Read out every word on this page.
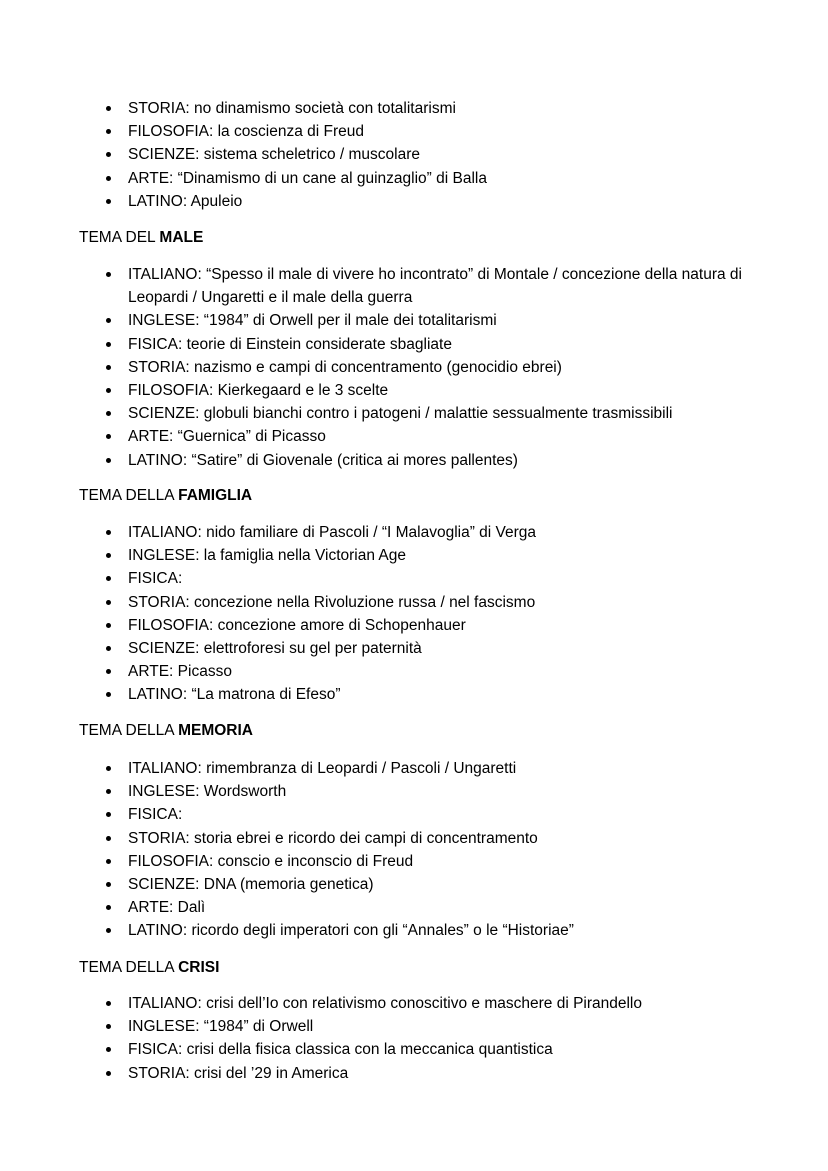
STORIA: no dinamismo società con totalitarismi
FILOSOFIA: la coscienza di Freud
SCIENZE: sistema scheletrico / muscolare
ARTE: “Dinamismo di un cane al guinzaglio” di Balla
LATINO: Apuleio
TEMA DEL MALE
ITALIANO: “Spesso il male di vivere ho incontrato” di Montale / concezione della natura di Leopardi / Ungaretti e il male della guerra
INGLESE: “1984” di Orwell per il male dei totalitarismi
FISICA: teorie di Einstein considerate sbagliate
STORIA: nazismo e campi di concentramento (genocidio ebrei)
FILOSOFIA: Kierkegaard e le 3 scelte
SCIENZE: globuli bianchi contro i patogeni / malattie sessualmente trasmissibili
ARTE: “Guernica” di Picasso
LATINO: “Satire” di Giovenale (critica ai mores pallentes)
TEMA DELLA FAMIGLIA
ITALIANO: nido familiare di Pascoli / “I Malavoglia” di Verga
INGLESE: la famiglia nella Victorian Age
FISICA:
STORIA: concezione nella Rivoluzione russa / nel fascismo
FILOSOFIA: concezione amore di Schopenhauer
SCIENZE: elettroforesi su gel per paternità
ARTE: Picasso
LATINO: “La matrona di Efeso”
TEMA DELLA MEMORIA
ITALIANO: rimembranza di Leopardi / Pascoli / Ungaretti
INGLESE: Wordsworth
FISICA:
STORIA: storia ebrei e ricordo dei campi di concentramento
FILOSOFIA: conscio e inconscio di Freud
SCIENZE: DNA (memoria genetica)
ARTE: Dalì
LATINO: ricordo degli imperatori con gli “Annales” o le “Historiae”
TEMA DELLA CRISI
ITALIANO: crisi dell’Io con relativismo conoscitivo e maschere di Pirandello
INGLESE: “1984” di Orwell
FISICA: crisi della fisica classica con la meccanica quantistica
STORIA: crisi del ’29 in America
